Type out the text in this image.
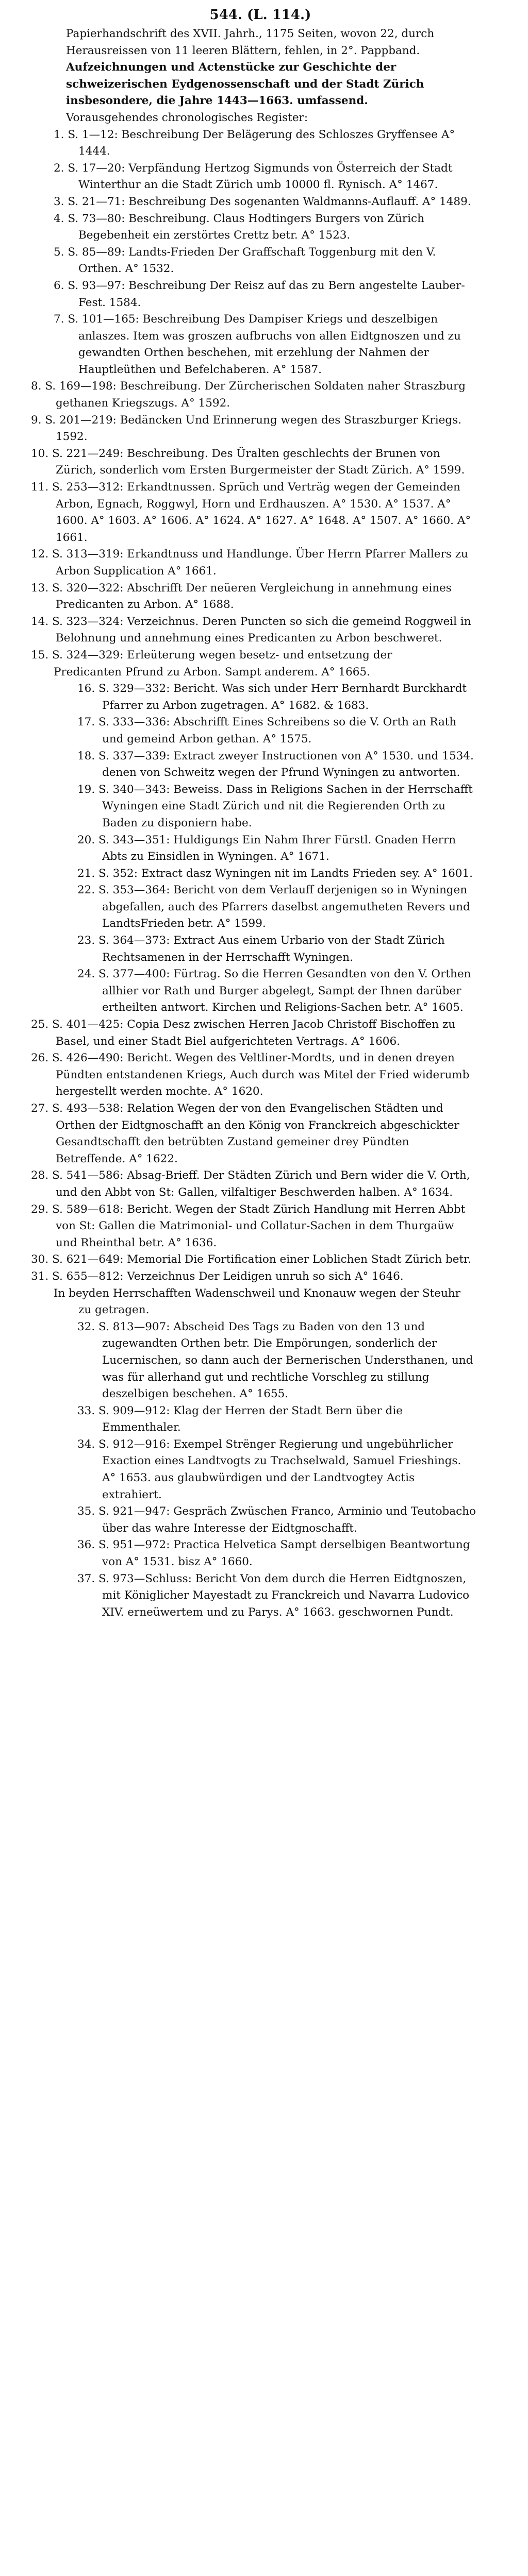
544. (L. 114.)

Papierhandschrift des XVII. Jahrh., 1175 Seiten, wovon 22, durch Herausreissen von 11 leeren Blättern, fehlen, in 2°. Pappband.

Aufzeichnungen und Actenstücke zur Geschichte der schweizerischen Eydgenossenschaft und der Stadt Zürich insbesondere, die Jahre 1443—1663. umfassend.

Vorausgehendes chronologisches Register:

1. S. 1—12: Beschreibung Der Belägerung des Schloszes Gryffensee A° 1444.

2. S. 17—20: Verpfändung Hertzog Sigmunds von Österreich der Stadt Winterthur an die Stadt Zürich umb 10000 fl. Rynisch. A° 1467.

3. S. 21—71: Beschreibung Des sogenanten Waldmanns-Auflauff. A° 1489.

4. S. 73—80: Beschreibung. Claus Hodtingers Burgers von Zürich Begebenheit ein zerstörtes Crettz betr. A° 1523.

5. S. 85—89: Landts-Frieden Der Graffschaft Toggenburg mit den V. Orthen. A° 1532.

6. S. 93—97: Beschreibung Der Reisz auf das zu Bern angestelte Lauber-Fest. 1584.

7. S. 101—165: Beschreibung Des Dampiser Kriegs und deszelbigen anlaszes. Item was groszen aufbruchs von allen Eidtgnoszen und zu gewandten Orthen beschehen, mit erzehlung der Nahmen der Hauptleüthen und Befelchaberen. A° 1587.

8. S. 169—198: Beschreibung. Der Zürcherischen Soldaten naher Straszburg gethanen Kriegszugs. A° 1592.

9. S. 201—219: Bedäncken Und Erinnerung wegen des Straszburger Kriegs. 1592.

10. S. 221—249: Beschreibung. Des Üralten geschlechts der Brunen von Zürich, sonderlich vom Ersten Burgermeister der Stadt Zürich. A° 1599.

11. S. 253—312: Erkandtnussen. Sprüch und Verträg wegen der Gemeinden Arbon, Egnach, Roggwyl, Horn und Erdhauszen. A° 1530. A° 1537. A° 1600. A° 1603. A° 1606. A° 1624. A° 1627. A° 1648. A° 1507. A° 1660. A° 1661.

12. S. 313—319: Erkandtnuss und Handlunge. Über Herrn Pfarrer Mallers zu Arbon Supplication A° 1661.

13. S. 320—322: Abschrifft Der neüeren Vergleichung in annehmung eines Predicanten zu Arbon. A° 1688.

14. S. 323—324: Verzeichnus. Deren Puncten so sich die gemeind Roggweil in Belohnung und annehmung eines Predicanten zu Arbon beschweret.

15. S. 324—329: Erleüterung wegen besetz- und entsetzung der

Predicanten Pfrund zu Arbon. Sampt anderem. A° 1665.

16. S. 329—332: Bericht. Was sich under Herr Bernhardt Burckhardt Pfarrer zu Arbon zugetragen. A° 1682. & 1683.

17. S. 333—336: Abschrifft Eines Schreibens so die V. Orth an Rath und gemeind Arbon gethan. A° 1575.

18. S. 337—339: Extract zweyer Instructionen von A° 1530. und 1534. denen von Schweitz wegen der Pfrund Wyningen zu antworten.

19. S. 340—343: Beweiss. Dass in Religions Sachen in der Herrschafft Wyningen eine Stadt Zürich und nit die Regierenden Orth zu Baden zu disponiern habe.

20. S. 343—351: Huldigungs Ein Nahm Ihrer Fürstl. Gnaden Herrn Abts zu Einsidlen in Wyningen. A° 1671.

21. S. 352: Extract dasz Wyningen nit im Landts Frieden sey. A° 1601.

22. S. 353—364: Bericht von dem Verlauff derjenigen so in Wyningen abgefallen, auch des Pfarrers daselbst angemutheten Revers und LandtsFrieden betr. A° 1599.

23. S. 364—373: Extract Aus einem Urbario von der Stadt Zürich Rechtsamenen in der Herrschafft Wyningen.

24. S. 377—400: Fürtrag. So die Herren Gesandten von den V. Orthen allhier vor Rath und Burger abgelegt, Sampt der Ihnen darüber ertheilten antwort. Kirchen und Religions-Sachen betr. A° 1605.

25. S. 401—425: Copia Desz zwischen Herren Jacob Christoff Bischoffen zu Basel, und einer Stadt Biel aufgerichteten Vertrags. A° 1606.

26. S. 426—490: Bericht. Wegen des Veltliner-Mordts, und in denen dreyen Pündten entstandenen Kriegs, Auch durch was Mitel der Fried widerumb hergestellt werden mochte. A° 1620.

27. S. 493—538: Relation Wegen der von den Evangelischen Städten und Orthen der Eidtgnoschafft an den König von Franckreich abgeschickter Gesandtschafft den betrübten Zustand gemeiner drey Pündten Betreffende. A° 1622.

28. S. 541—586: Absag-Brieff. Der Städten Zürich und Bern wider die V. Orth, und den Abbt von St: Gallen, vilfaltiger Beschwerden halben. A° 1634.

29. S. 589—618: Bericht. Wegen der Stadt Zürich Handlung mit Herren Abbt von St: Gallen die Matrimonial- und Collatur-Sachen in dem Thurgaüw und Rheinthal betr. A° 1636.

30. S. 621—649: Memorial Die Fortification einer Loblichen Stadt Zürich betr.

31. S. 655—812: Verzeichnus Der Leidigen unruh so sich A° 1646.

In beyden Herrschafften Wadenschweil und Knonauw wegen der Steuhr zu getragen.

32. S. 813—907: Abscheid Des Tags zu Baden von den 13 und zugewandten Orthen betr. Die Empörungen, sonderlich der Lucernischen, so dann auch der Bernerischen Understhanen, und was für allerhand gut und rechtliche Vorschleg zu stillung deszelbigen beschehen. A° 1655.

33. S. 909—912: Klag der Herren der Stadt Bern über die Emmenthaler.

34. S. 912—916: Exempel Strënger Regierung und ungebührlicher Exaction eines Landtvogts zu Trachselwald, Samuel Frieshings. A° 1653. aus glaubwürdigen und der Landtvogtey Actis extrahiert.

35. S. 921—947: Gespräch Zwüschen Franco, Arminio und Teutobacho über das wahre Interesse der Eidtgnoschafft.

36. S. 951—972: Practica Helvetica Sampt derselbigen Beantwortung von A° 1531. bisz A° 1660.

37. S. 973—Schluss: Bericht Von dem durch die Herren Eidtgnoszen, mit Königlicher Mayestadt zu Franckreich und Navarra Ludovico XIV. erneüwertem und zu Parys. A° 1663. geschwornen Pundt.
